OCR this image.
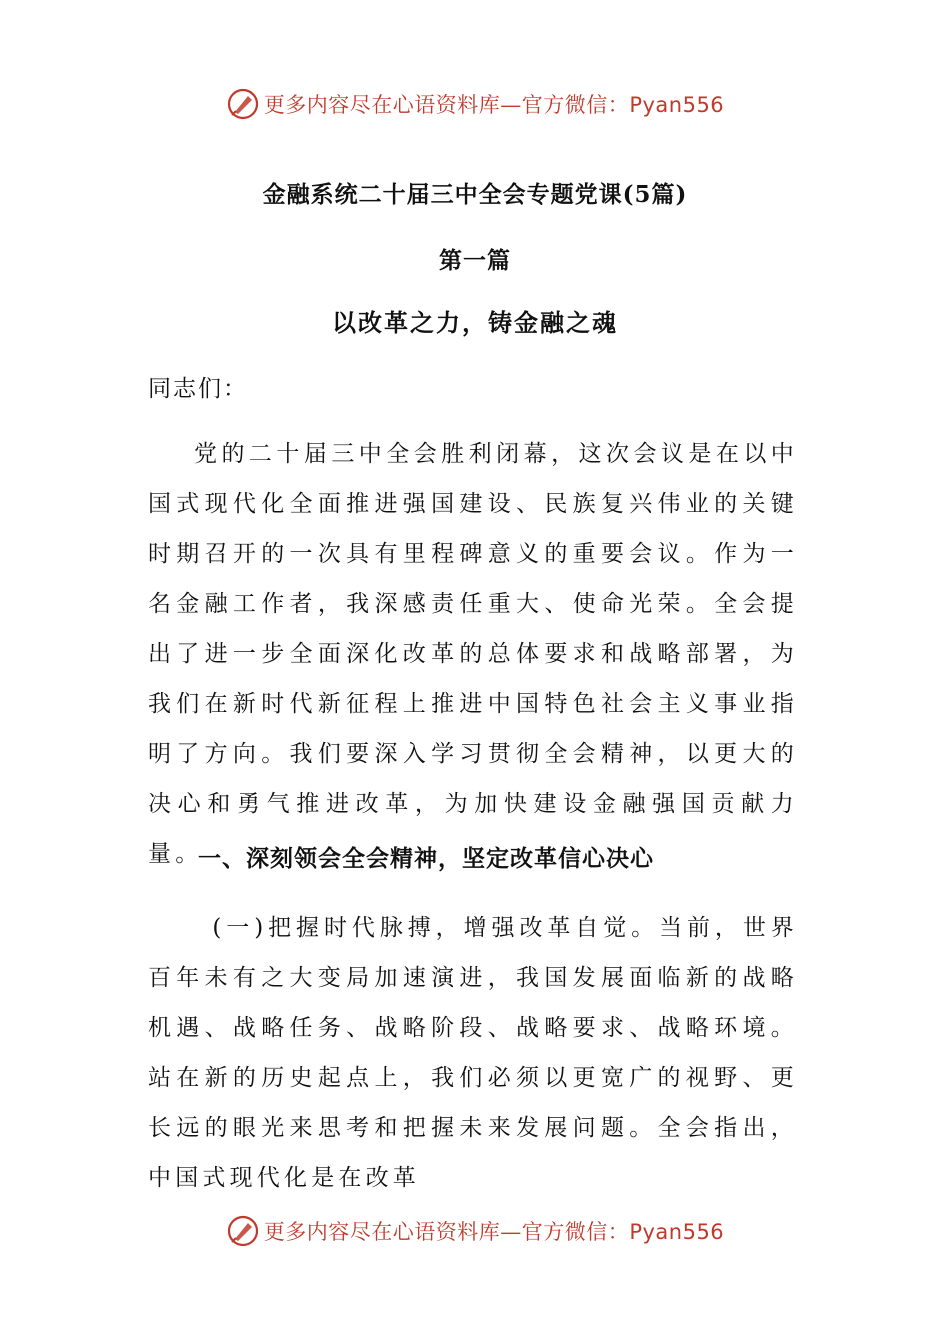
更多内容尽在心语资料库—官方微信：Pyan556
金融系统二十届三中全会专题党课(5篇)
第一篇
以改革之力，铸金融之魂
同志们：
党的二十届三中全会胜利闭幕，这次会议是在以中国式现代化全面推进强国建设、民族复兴伟业的关键时期召开的一次具有里程碑意义的重要会议。作为一名金融工作者，我深感责任重大、使命光荣。全会提出了进一步全面深化改革的总体要求和战略部署，为我们在新时代新征程上推进中国特色社会主义事业指明了方向。我们要深入学习贯彻全会精神，以更大的决心和勇气推进改革，为加快建设金融强国贡献力量。
一、深刻领会全会精神，坚定改革信心决心
(一)把握时代脉搏，增强改革自觉。当前，世界百年未有之大变局加速演进，我国发展面临新的战略机遇、战略任务、战略阶段、战略要求、战略环境。站在新的历史起点上，我们必须以更宽广的视野、更长远的眼光来思考和把握未来发展问题。全会指出，中国式现代化是在改革
更多内容尽在心语资料库—官方微信：Pyan556
